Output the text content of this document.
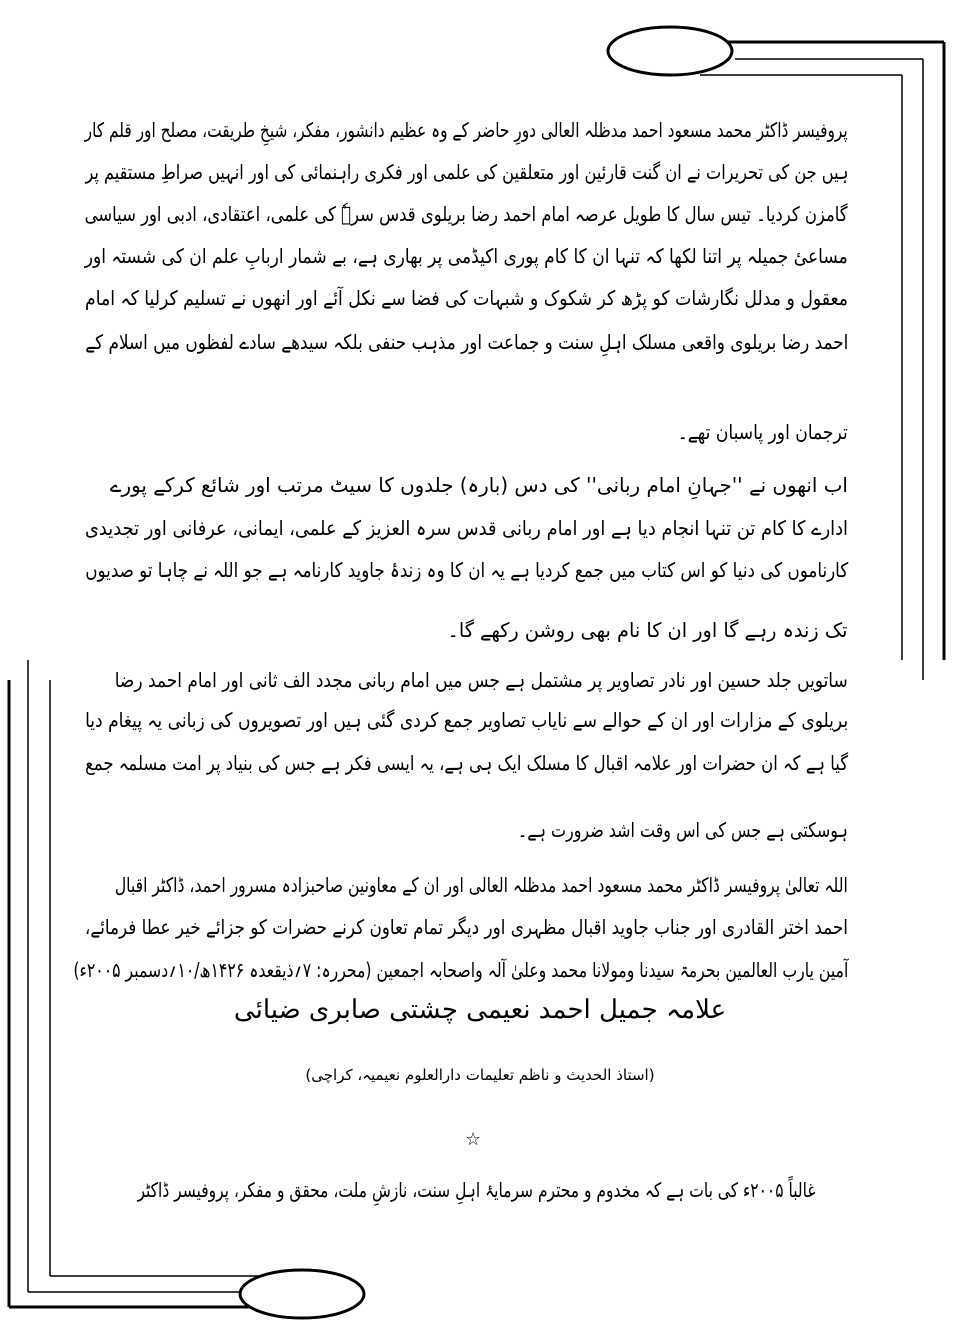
پروفیسر ڈاکٹر محمد مسعود احمد مدظلہ العالی دورِ حاضر کے وہ عظیم دانشور، مفکر، شیخِ طریقت، مصلح اور قلم کار
ہیں جن کی تحریرات نے ان گنت قارئین اور متعلقین کی علمی اور فکری راہنمائی کی اور انہیں صراطِ مستقیم پر
گامزن کردیا۔ تیس سال کا طویل عرصہ امام احمد رضا بریلوی قدس سرہٗ کی علمی، اعتقادی، ادبی اور سیاسی
مساعیٔ جمیلہ پر اتنا لکھا کہ تنہا ان کا کام پوری اکیڈمی پر بھاری ہے، بے شمار اربابِ علم ان کی شستہ اور
معقول و مدلل نگارشات کو پڑھ کر شکوک و شبہات کی فضا سے نکل آئے اور انھوں نے تسلیم کرلیا کہ امام
احمد رضا بریلوی واقعی مسلک اہلِ سنت و جماعت اور مذہب حنفی بلکہ سیدھے سادے لفظوں میں اسلام کے
ترجمان اور پاسبان تھے۔
اب انھوں نے ''جہانِ امام ربانی'' کی دس (بارہ) جلدوں کا سیٹ مرتب اور شائع کرکے پورے
ادارے کا کام تن تنہا انجام دیا ہے اور امام ربانی قدس سرہ العزیز کے علمی، ایمانی، عرفانی اور تجدیدی
کارناموں کی دنیا کو اس کتاب میں جمع کردیا ہے یہ ان کا وہ زندۂ جاوید کارنامہ ہے جو اللہ نے چاہا تو صدیوں
تک زندہ رہے گا اور ان کا نام بھی روشن رکھے گا۔
ساتویں جلد حسین اور نادر تصاویر پر مشتمل ہے جس میں امام ربانی مجدد الف ثانی اور امام احمد رضا
بریلوی کے مزارات اور ان کے حوالے سے نایاب تصاویر جمع کردی گئی ہیں اور تصویروں کی زبانی یہ پیغام دیا
گیا ہے کہ ان حضرات اور علامہ اقبال کا مسلک ایک ہی ہے، یہ ایسی فکر ہے جس کی بنیاد پر امت مسلمہ جمع
ہوسکتی ہے جس کی اس وقت اشد ضرورت ہے۔
اللہ تعالیٰ پروفیسر ڈاکٹر محمد مسعود احمد مدظلہ العالی اور ان کے معاونین صاحبزادہ مسرور احمد، ڈاکٹر اقبال
احمد اختر القادری اور جناب جاوید اقبال مظہری اور دیگر تمام تعاون کرنے حضرات کو جزائے خیر عطا فرمائے،
آمین یارب العالمین بحرمۃ سیدنا ومولانا محمد وعلیٰ آلہ واصحابہ اجمعین (محررہ: ۷؍ذیقعدہ ۱۴۲۶ھ/۱۰؍دسمبر ۲۰۰۵ء)
علامہ جمیل احمد نعیمی چشتی صابری ضیائی
(استاذ الحدیث و ناظم تعلیمات دارالعلوم نعیمیہ، کراچی)
☆
غالباً ۲۰۰۵ء کی بات ہے کہ مخدوم و محترم سرمایۂ اہلِ سنت، نازشِ ملت، محقق و مفکر، پروفیسر ڈاکٹر
